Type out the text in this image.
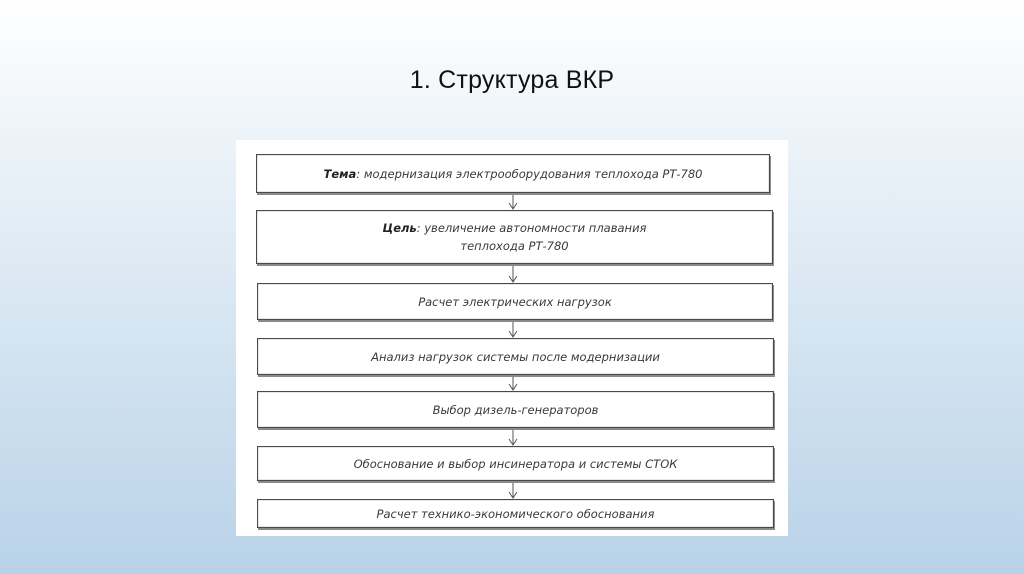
1. Структура ВКР
Тема: модернизация электрооборудования теплохода РТ-780
Цель: увеличение автономности плавания
теплохода РТ-780
Расчет электрических нагрузок
Анализ нагрузок системы после модернизации
Выбор дизель-генераторов
Обоснование и выбор инсинератора и системы СТОК
Расчет технико-экономического обоснования
